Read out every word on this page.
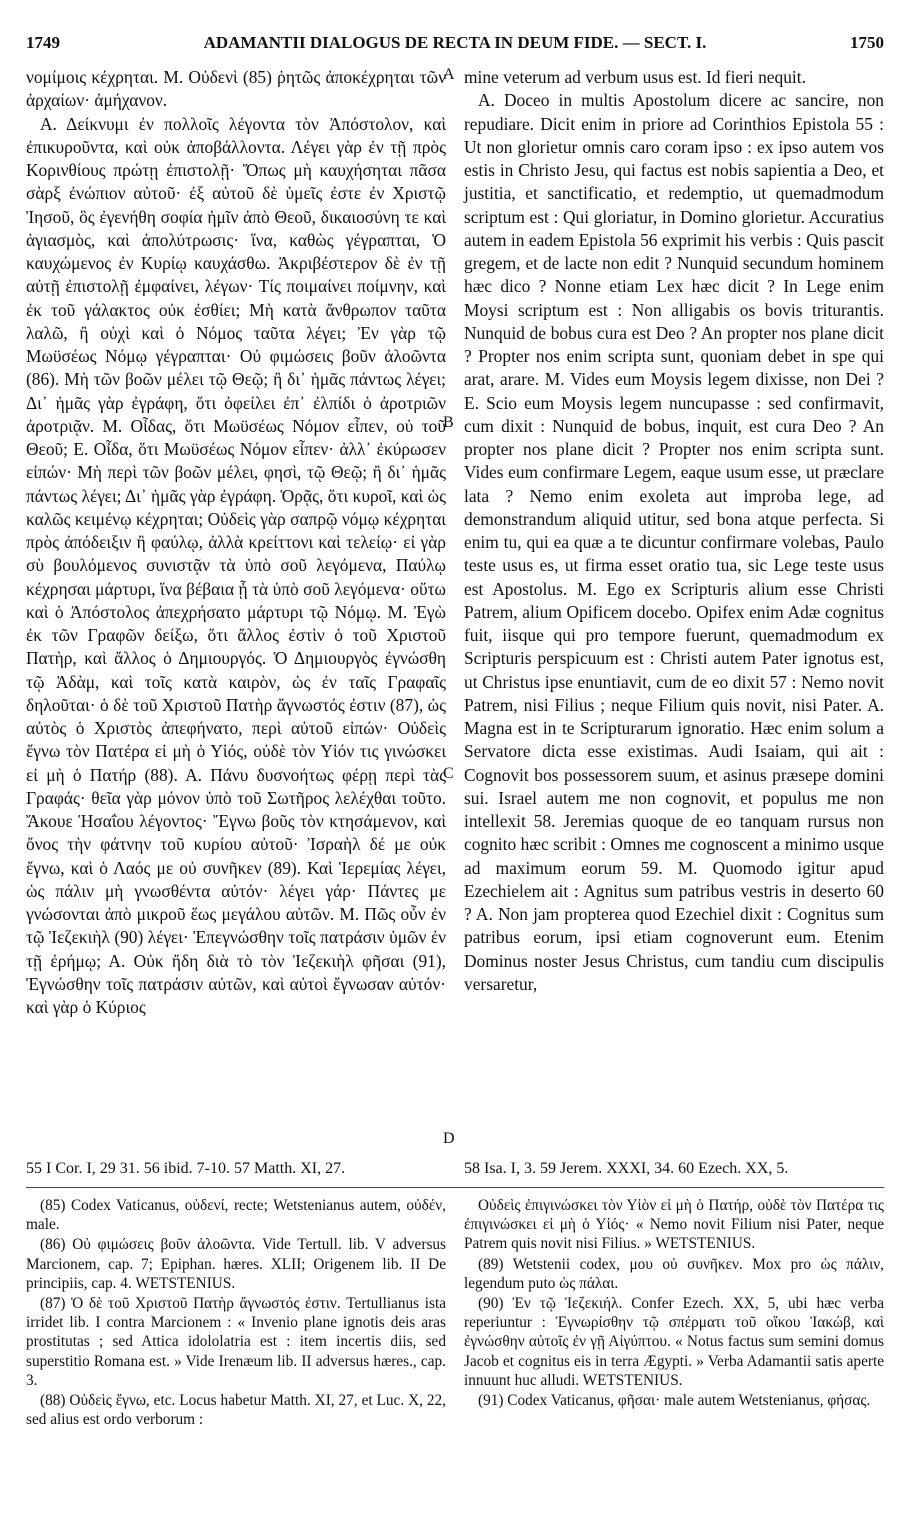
1749	ADAMANTII DIALOGUS DE RECTA IN DEUM FIDE. — SECT. I.	1750

νομίμοις κέχρηται. Μ. Οὐδενὶ (85) ῥητῶς ἀποκέχρηται τῶν ἀρχαίων· ἀμήχανον.

Α. Δείκνυμι ἐν πολλοῖς λέγοντα τὸν Ἀπόστολον, καὶ ἐπικυροῦντα, καὶ οὐκ ἀποβάλλοντα. Λέγει γὰρ ἐν τῇ πρὸς Κορινθίους πρώτῃ ἐπιστολῇ· Ὅπως μὴ καυχήσηται πᾶσα σὰρξ ἐνώπιον αὐτοῦ· ἐξ αὐτοῦ δὲ ὑμεῖς ἐστε ἐν Χριστῷ Ἰησοῦ, ὃς ἐγενήθη σοφία ἡμῖν ἀπὸ Θεοῦ, δικαιοσύνη τε καὶ ἁγιασμὸς, καὶ ἀπολύτρωσις· ἵνα, καθὼς γέγραπται, Ὁ καυχώμενος ἐν Κυρίῳ καυχάσθω. Ἀκριβέστερον δὲ ἐν τῇ αὐτῇ ἐπιστολῇ ἐμφαίνει, λέγων· Τίς ποιμαίνει ποίμνην, καὶ ἐκ τοῦ γάλακτος οὐκ ἐσθίει; Μὴ κατὰ ἄνθρωπον ταῦτα λαλῶ, ἢ οὐχὶ καὶ ὁ Νόμος ταῦτα λέγει; Ἐν γὰρ τῷ Μωϋσέως Νόμῳ γέγραπται· Οὐ φιμώσεις βοῦν ἀλοῶντα (86). Μὴ τῶν βοῶν μέλει τῷ Θεῷ; ἢ δι᾿ ἡμᾶς πάντως λέγει; Δι᾿ ἡμᾶς γὰρ ἐγράφη, ὅτι ὀφείλει ἐπ᾿ ἐλπίδι ὁ ἀροτριῶν ἀροτριᾷν. Μ. Οἶδας, ὅτι Μωϋσέως Νόμον εἶπεν, οὐ τοῦ Θεοῦ; Ε. Οἶδα, ὅτι Μωϋσέως Νόμον εἶπεν· ἀλλ᾿ ἐκύρωσεν εἰπών· Μὴ περὶ τῶν βοῶν μέλει, φησὶ, τῷ Θεῷ; ἢ δι᾿ ἡμᾶς πάντως λέγει; Δι᾿ ἡμᾶς γὰρ ἐγράφη. Ὁρᾷς, ὅτι κυροῖ, καὶ ὡς καλῶς κειμένῳ κέχρηται; Οὐδεὶς γὰρ σαπρῷ νόμῳ κέχρηται πρὸς ἀπόδειξιν ἢ φαύλῳ, ἀλλὰ κρείττονι καὶ τελείῳ· εἰ γὰρ σὺ βουλόμενος συνιστᾷν τὰ ὑπὸ σοῦ λεγόμενα, Παύλῳ κέχρησαι μάρτυρι, ἵνα βέβαια ᾖ τὰ ὑπὸ σοῦ λεγόμενα· οὕτω καὶ ὁ Ἀπόστολος ἀπεχρήσατο μάρτυρι τῷ Νόμῳ. Μ. Ἐγὼ ἐκ τῶν Γραφῶν δείξω, ὅτι ἄλλος ἐστὶν ὁ τοῦ Χριστοῦ Πατὴρ, καὶ ἄλλος ὁ Δημιουργός. Ὁ Δημιουργὸς ἐγνώσθη τῷ Ἀδὰμ, καὶ τοῖς κατὰ καιρὸν, ὡς ἐν ταῖς Γραφαῖς δηλοῦται· ὁ δὲ τοῦ Χριστοῦ Πατὴρ ἄγνωστός ἐστιν (87), ὡς αὐτὸς ὁ Χριστὸς ἀπεφήνατο, περὶ αὐτοῦ εἰπών· Οὐδεὶς ἔγνω τὸν Πατέρα εἰ μὴ ὁ Υἱός, οὐδὲ τὸν Υἱόν τις γινώσκει εἰ μὴ ὁ Πατήρ (88). Α. Πάνυ δυσνοήτως φέρῃ περὶ τὰς Γραφάς· θεῖα γὰρ μόνον ὑπὸ τοῦ Σωτῆρος λελέχθαι τοῦτο. Ἄκουε Ἡσαΐου λέγοντος· Ἔγνω βοῦς τὸν κτησάμενον, καὶ ὄνος τὴν φάτνην τοῦ κυρίου αὐτοῦ· Ἰσραὴλ δέ με οὐκ ἔγνω, καὶ ὁ Λαός με οὐ συνῆκεν (89). Καὶ Ἱερεμίας λέγει, ὡς πάλιν μὴ γνωσθέντα αὐτόν· λέγει γάρ· Πάντες με γνώσονται ἀπὸ μικροῦ ἕως μεγάλου αὐτῶν. Μ. Πῶς οὖν ἐν τῷ Ἰεζεκιὴλ (90) λέγει· Ἐπεγνώσθην τοῖς πατράσιν ὑμῶν ἐν τῇ ἐρήμῳ; Α. Οὐκ ἤδη διὰ τὸ τὸν Ἰεζεκιὴλ φῆσαι (91), Ἐγνώσθην τοῖς πατράσιν αὐτῶν, καὶ αὐτοὶ ἔγνωσαν αὐτόν· καὶ γὰρ ὁ Κύριος

A
B
C
D

mine veterum ad verbum usus est. Id fieri nequit.

A. Doceo in multis Apostolum dicere ac sancire, non repudiare. Dicit enim in priore ad Corinthios Epistola 55 : Ut non glorietur omnis caro coram ipso : ex ipso autem vos estis in Christo Jesu, qui factus est nobis sapientia a Deo, et justitia, et sanctificatio, et redemptio, ut quemadmodum scriptum est : Qui gloriatur, in Domino glorietur. Accuratius autem in eadem Epistola 56 exprimit his verbis : Quis pascit gregem, et de lacte non edit ? Nunquid secundum hominem hæc dico ? Nonne etiam Lex hæc dicit ? In Lege enim Moysi scriptum est : Non alligabis os bovis triturantis. Nunquid de bobus cura est Deo ? An propter nos plane dicit ? Propter nos enim scripta sunt, quoniam debet in spe qui arat, arare. M. Vides eum Moysis legem dixisse, non Dei ? E. Scio eum Moysis legem nuncupasse : sed confirmavit, cum dixit : Nunquid de bobus, inquit, est cura Deo ? An propter nos plane dicit ? Propter nos enim scripta sunt. Vides eum confirmare Legem, eaque usum esse, ut præclare lata ? Nemo enim exoleta aut improba lege, ad demonstrandum aliquid utitur, sed bona atque perfecta. Si enim tu, qui ea quæ a te dicuntur confirmare volebas, Paulo teste usus es, ut firma esset oratio tua, sic Lege teste usus est Apostolus. M. Ego ex Scripturis alium esse Christi Patrem, alium Opificem docebo. Opifex enim Adæ cognitus fuit, iisque qui pro tempore fuerunt, quemadmodum ex Scripturis perspicuum est : Christi autem Pater ignotus est, ut Christus ipse enuntiavit, cum de eo dixit 57 : Nemo novit Patrem, nisi Filius ; neque Filium quis novit, nisi Pater. A. Magna est in te Scripturarum ignoratio. Hæc enim solum a Servatore dicta esse existimas. Audi Isaiam, qui ait : Cognovit bos possessorem suum, et asinus præsepe domini sui. Israel autem me non cognovit, et populus me non intellexit 58. Jeremias quoque de eo tanquam rursus non cognito hæc scribit : Omnes me cognoscent a minimo usque ad maximum eorum 59. M. Quomodo igitur apud Ezechielem ait : Agnitus sum patribus vestris in deserto 60 ? A. Non jam propterea quod Ezechiel dixit : Cognitus sum patribus eorum, ipsi etiam cognoverunt eum. Etenim Dominus noster Jesus Christus, cum tandiu cum discipulis versaretur,

55 I Cor. I, 29 31. 56 ibid. 7-10. 57 Matth. XI, 27.	58 Isa. I, 3. 59 Jerem. XXXI, 34. 60 Ezech. XX, 5.

(85) Codex Vaticanus, οὐδενί, recte; Wetstenianus autem, οὐδέν, male.

(86) Οὐ φιμώσεις βοῦν ἀλοῶντα. Vide Tertull. lib. V adversus Marcionem, cap. 7; Epiphan. hæres. XLII; Origenem lib. II De principiis, cap. 4. WETSTENIUS.

(87) Ὁ δὲ τοῦ Χριστοῦ Πατὴρ ἄγνωστός ἐστιν. Tertullianus ista irridet lib. I contra Marcionem : « Invenio plane ignotis deis aras prostitutas ; sed Attica idololatria est : item incertis diis, sed superstitio Romana est. » Vide Irenæum lib. II adversus hæres., cap. 3.

(88) Οὐδεὶς ἔγνω, etc. Locus habetur Matth. XI, 27, et Luc. X, 22, sed alius est ordo verborum :

Οὐδεὶς ἐπιγινώσκει τὸν Υἱὸν εἰ μὴ ὁ Πατήρ, οὐδὲ τὸν Πατέρα τις ἐπιγινώσκει εἰ μὴ ὁ Υἱός· « Nemo novit Filium nisi Pater, neque Patrem quis novit nisi Filius. » WETSTENIUS.

(89) Wetstenii codex, μου οὐ συνῆκεν. Mox pro ὡς πάλιν, legendum puto ὡς πάλαι.

(90) Ἐν τῷ Ἰεζεκιήλ. Confer Ezech. XX, 5, ubi hæc verba reperiuntur : Ἐγνωρίσθην τῷ σπέρματι τοῦ οἴκου Ἰακώβ, καὶ ἐγνώσθην αὐτοῖς ἐν γῇ Αἰγύπτου. « Notus factus sum semini domus Jacob et cognitus eis in terra Ægypti. » Verba Adamantii satis aperte innuunt huc alludi. WETSTENIUS.

(91) Codex Vaticanus, φῆσαι· male autem Wetstenianus, φήσας.
